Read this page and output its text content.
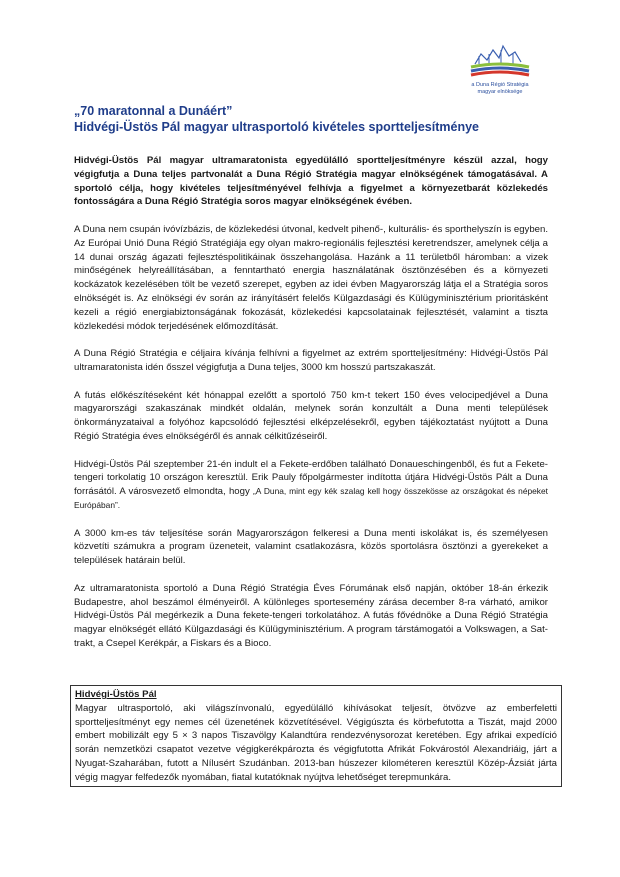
a Duna Régió Stratégia
magyar elnöksége
„70 maratonnal a Dunáért”
Hidvégi-Üstös Pál magyar ultrasportoló kivételes sportteljesítménye

Hidvégi-Üstös Pál magyar ultramaratonista egyedülálló sportteljesítményre készül azzal, hogy végigfutja a Duna teljes partvonalát a Duna Régió Stratégia magyar elnökségének támogatásával. A sportoló célja, hogy kivételes teljesítményével felhívja a figyelmet a környezetbarát közlekedés fontosságára a Duna Régió Stratégia soros magyar elnökségének évében.

A Duna nem csupán ivóvízbázis, de közlekedési útvonal, kedvelt pihenő-, kulturális- és sporthelyszín is egyben. Az Európai Unió Duna Régió Stratégiája egy olyan makro-regionális fejlesztési keretrendszer, amelynek célja a 14 dunai ország ágazati fejlesztéspolitikáinak összehangolása. Hazánk a 11 területből háromban: a vizek minőségének helyreállításában, a fenntartható energia használatának ösztönzésében és a környezeti kockázatok kezelésében tölt be vezető szerepet, egyben az idei évben Magyarország látja el a Stratégia soros elnökségét is. Az elnökségi év során az irányításért felelős Külgazdasági és Külügyminisztérium prioritásként kezeli a régió energiabiztonságának fokozását, közlekedési kapcsolatainak fejlesztését, valamint a tiszta közlekedési módok terjedésének előmozdítását.

A Duna Régió Stratégia e céljaira kívánja felhívni a figyelmet az extrém sportteljesítmény: Hidvégi-Üstös Pál ultramaratonista idén ősszel végigfutja a Duna teljes, 3000 km hosszú partszakaszát.

A futás előkészítéseként két hónappal ezelőtt a sportoló 750 km-t tekert 150 éves velocipedjével a Duna magyarországi szakaszának mindkét oldalán, melynek során konzultált a Duna menti települések önkormányzataival a folyóhoz kapcsolódó fejlesztési elképzelésekről, egyben tájékoztatást nyújtott a Duna Régió Stratégia éves elnökségéről és annak célkitűzéseiről.

Hidvégi-Üstös Pál szeptember 21-én indult el a Fekete-erdőben található Donaueschingenből, és fut a Fekete-tengeri torkolatig 10 országon keresztül. Erik Pauly főpolgármester indította útjára Hidvégi-Üstös Pált a Duna forrásától. A városvezető elmondta, hogy „A Duna, mint egy kék szalag kell hogy összekösse az országokat és népeket Európában”.

A 3000 km-es táv teljesítése során Magyarországon felkeresi a Duna menti iskolákat is, és személyesen közvetíti számukra a program üzeneteit, valamint csatlakozásra, közös sportolásra ösztönzi a gyerekeket a települések határain belül.

Az ultramaratonista sportoló a Duna Régió Stratégia Éves Fórumának első napján, október 18-án érkezik Budapestre, ahol beszámol élményeiről. A különleges sportesemény zárása december 8-ra várható, amikor Hidvégi-Üstös Pál megérkezik a Duna fekete-tengeri torkolatához. A futás fővédnöke a Duna Régió Stratégia magyar elnökségét ellátó Külgazdasági és Külügyminisztérium. A program társtámogatói a Volkswagen, a Sat-trakt, a Csepel Kerékpár, a Fiskars és a Bioco.

Hidvégi-Üstös Pál
Magyar ultrasportoló, aki világszínvonalú, egyedülálló kihívásokat teljesít, ötvözve az emberfeletti sportteljesítményt egy nemes cél üzenetének közvetítésével. Végigúszta és körbefutotta a Tiszát, majd 2000 embert mobilizált egy 5 × 3 napos Tiszavölgy Kalandtúra rendezvénysorozat keretében. Egy afrikai expedíció során nemzetközi csapatot vezetve végigkerékpározta és végigfutotta Afrikát Fokvárostól Alexandriáig, járt a Nyugat-Szaharában, futott a Nílusért Szudánban. 2013-ban húszezer kilométeren keresztül Közép-Ázsiát járta végig magyar felfedezők nyomában, fiatal kutatóknak nyújtva lehetőséget terepmunkára.
